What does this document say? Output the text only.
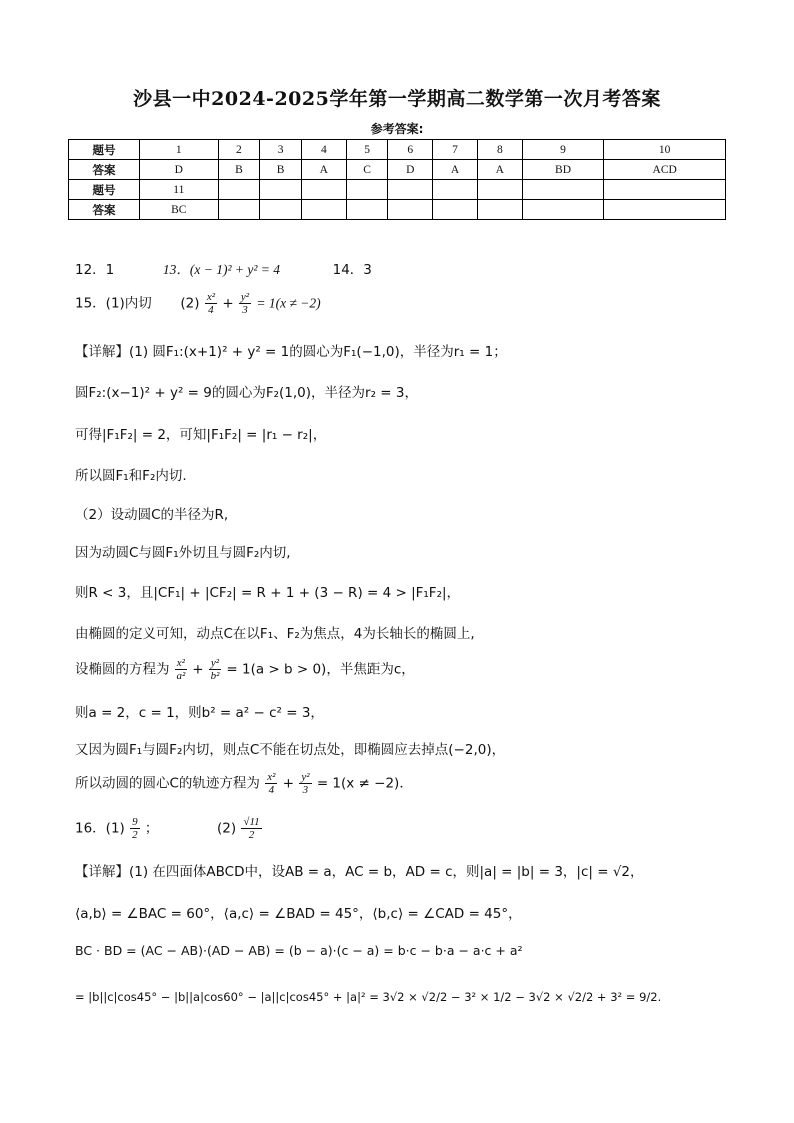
沙县一中2024-2025学年第一学期高二数学第一次月考答案
参考答案:
题号	1	2	3	4	5	6	7	8	9	10
答案	D	B	B	A	C	D	A	A	BD	ACD
题号	11									
答案	BC									
12．1	13．(x − 1)² + y² = 4	14．3
15．(1)内切 $(2) \frac{\text{x²}}{4} + \frac{\text{y²}}{3} = 1(x \ne -2)$
【详解】(1) 圆F₁:(x+1)² + y² = 1的圆心为F₁(−1,0)，半径为r₁ = 1；
圆F₂:(x−1)² + y² = 9的圆心为F₂(1,0)，半径为r₂ = 3，
可得|F₁F₂| = 2，可知|F₁F₂| = |r₁ − r₂|，
所以圆F₁和F₂内切.
（2）设动圆C的半径为R,
因为动圆C与圆F₁外切且与圆F₂内切,
则R < 3，且|CF₁| + |CF₂| = R + 1 + (3 − R) = 4 > |F₁F₂|，
由椭圆的定义可知，动点C在以F₁、F₂为焦点，4为长轴长的椭圆上,
设椭圆的方程为 $\frac{\text{x²}}{\text{a²}} + \frac{\text{y²}}{\text{b²}} = 1(a > b > 0)$，半焦距为c，
则a = 2，c = 1，则b² = a² − c² = 3，
又因为圆F₁与圆F₂内切，则点C不能在切点处，即椭圆应去掉点(−2,0)，
所以动圆的圆心C的轨迹方程为 $\frac{\text{x²}}{4} + \frac{\text{y²}}{3} = 1(x \ne -2)$．
16．$(1) \frac{9}{2}$ ；	$(2) \frac{√11}{2}$
【详解】(1) 在四面体ABCD中，设AB = a，AC = b，AD = c，则|a| = |b| = 3，|c| = √2，
⟨a,b⟩ = ∠BAC = 60°，⟨a,c⟩ = ∠BAD = 45°，⟨b,c⟩ = ∠CAD = 45°，
BC · BD = (AC − AB)·(AD − AB) = (b − a)·(c − a) = b·c − b·a − a·c + a²
= |b||c|cos45° − |b||a|cos60° − |a||c|cos45° + |a|² = 3√2 × √2/2 − 3² × 1/2 − 3√2 × √2/2 + 3² = 9/2.
